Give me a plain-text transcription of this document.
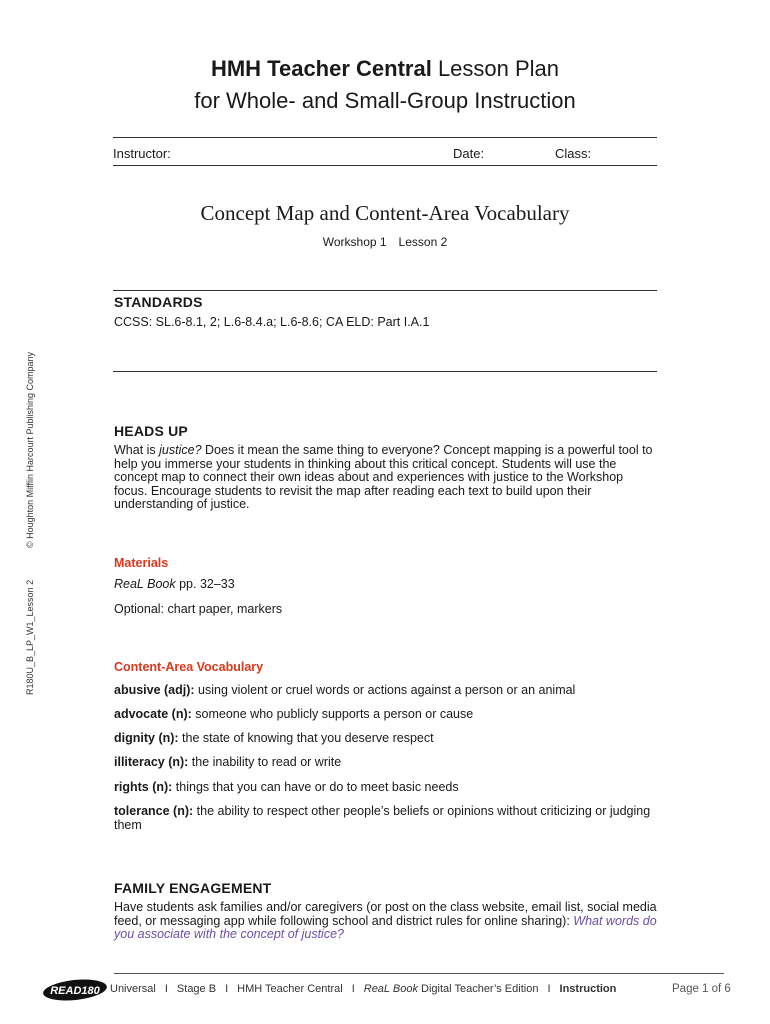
HMH Teacher Central Lesson Plan
for Whole- and Small-Group Instruction
Instructor:	Date:	Class:
Concept Map and Content-Area Vocabulary
Workshop 1 Lesson 2
STANDARDS
CCSS: SL.6-8.1, 2; L.6-8.4.a; L.6-8.6; CA ELD: Part I.A.1
HEADS UP
What is justice? Does it mean the same thing to everyone? Concept mapping is a powerful tool to help you immerse your students in thinking about this critical concept. Students will use the concept map to connect their own ideas about and experiences with justice to the Workshop focus. Encourage students to revisit the map after reading each text to build upon their understanding of justice.
Materials
ReaL Book pp. 32–33
Optional: chart paper, markers
Content-Area Vocabulary
abusive (adj): using violent or cruel words or actions against a person or an animal
advocate (n): someone who publicly supports a person or cause
dignity (n): the state of knowing that you deserve respect
illiteracy (n): the inability to read or write
rights (n): things that you can have or do to meet basic needs
tolerance (n): the ability to respect other people’s beliefs or opinions without criticizing or judging them
FAMILY ENGAGEMENT
Have students ask families and/or caregivers (or post on the class website, email list, social media feed, or messaging app while following school and district rules for online sharing): What words do you associate with the concept of justice?
© Houghton Mifflin Harcourt Publishing Company
R180U_B_LP_W1_Lesson 2
READ180 Universal I Stage B I HMH Teacher Central I ReaL Book Digital Teacher’s Edition I Instruction	Page 1 of 6
